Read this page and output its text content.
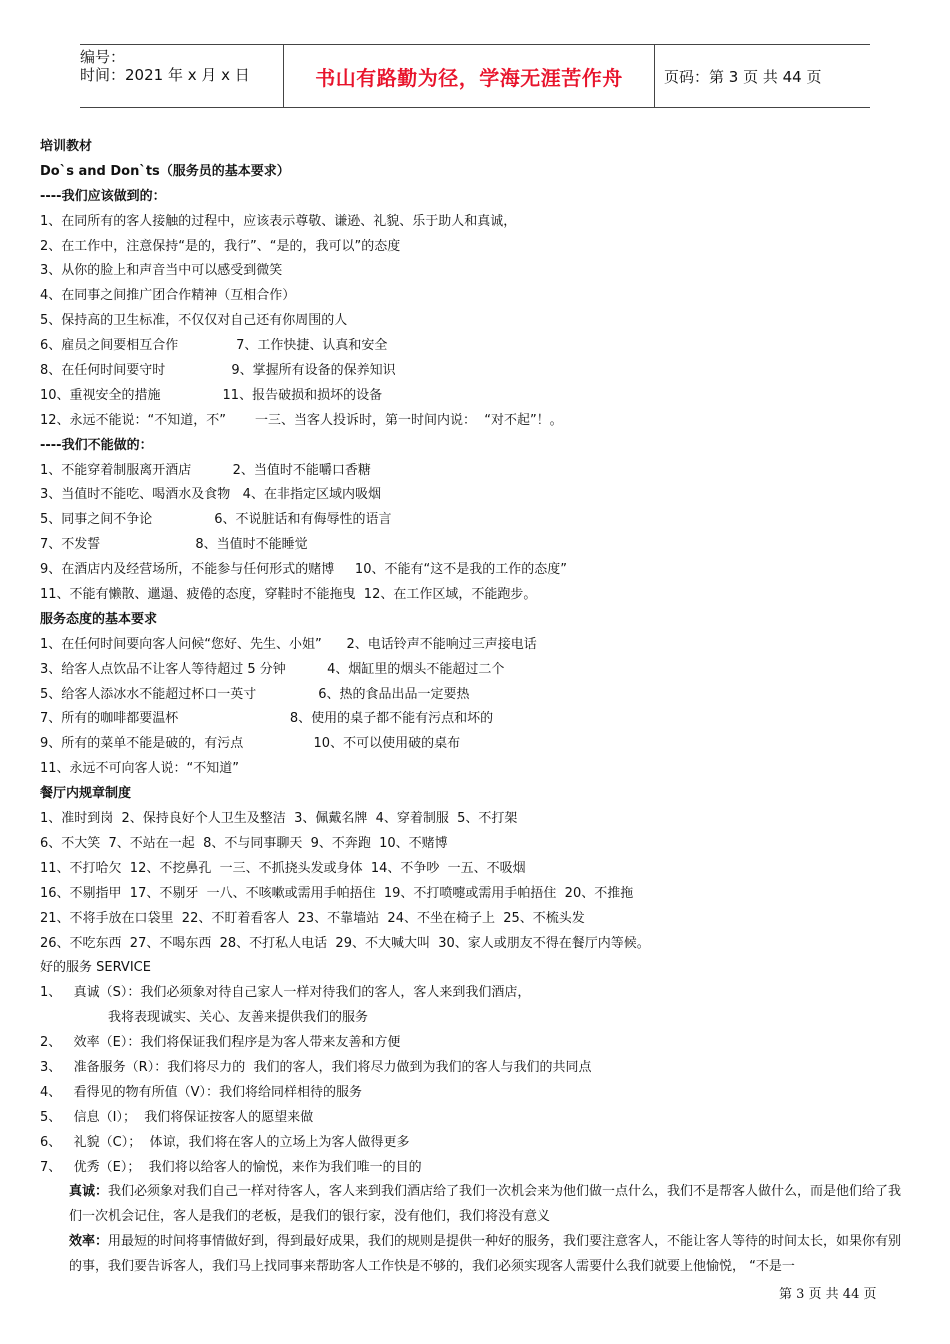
编号：
时间：2021 年 x 月 x 日	书山有路勤为径，学海无涯苦作舟	页码：第 3 页 共 44 页
培训教材
Do`s and Don`ts（服务员的基本要求）
----我们应该做到的：
1、在同所有的客人接触的过程中，应该表示尊敬、谦逊、礼貌、乐于助人和真诚，
2、在工作中，注意保持“是的，我行”、“是的，我可以”的态度
3、从你的脸上和声音当中可以感受到微笑
4、在同事之间推广团合作精神（互相合作）
5、保持高的卫生标准，不仅仅对自己还有你周围的人
6、雇员之间要相互合作              7、工作快捷、认真和安全
8、在任何时间要守时                9、掌握所有设备的保养知识
10、重视安全的措施               11、报告破损和损坏的设备
12、永远不能说：“不知道，不”       一三、当客人投诉时，第一时间内说：  “对不起”！。
----我们不能做的：
1、不能穿着制服离开酒店          2、当值时不能嚼口香糖
3、当值时不能吃、喝酒水及食物   4、在非指定区域内吸烟
5、同事之间不争论               6、不说脏话和有侮辱性的语言
7、不发誓                       8、当值时不能睡觉
9、在酒店内及经营场所，不能参与任何形式的赌博     10、不能有“这不是我的工作的态度”
11、不能有懒散、邋遢、疲倦的态度，穿鞋时不能拖曳  12、在工作区域，不能跑步。
服务态度的基本要求
1、在任何时间要向客人问候“您好、先生、小姐”      2、电话铃声不能响过三声接电话
3、给客人点饮品不让客人等待超过 5 分钟          4、烟缸里的烟头不能超过二个
5、给客人添冰水不能超过杯口一英寸               6、热的食品出品一定要热
7、所有的咖啡都要温杯                           8、使用的桌子都不能有污点和坏的
9、所有的菜单不能是破的，有污点                 10、不可以使用破的桌布
11、永远不可向客人说：“不知道”
餐厅内规章制度
1、准时到岗  2、保持良好个人卫生及整洁  3、佩戴名牌  4、穿着制服  5、不打架
6、不大笑  7、不站在一起  8、不与同事聊天  9、不奔跑  10、不赌博
11、不打哈欠  12、不挖鼻孔  一三、不抓挠头发或身体  14、不争吵  一五、不吸烟
16、不剔指甲  17、不剔牙  一八、不咳嗽或需用手帕捂住  19、不打喷嚏或需用手帕捂住  20、不推拖
21、不将手放在口袋里  22、不盯着看客人  23、不靠墙站  24、不坐在椅子上  25、不梳头发
26、不吃东西  27、不喝东西  28、不打私人电话  29、不大喊大叫  30、家人或朋友不得在餐厅内等候。
好的服务 SERVICE
1、   真诚（S）：我们必须象对待自己家人一样对待我们的客人，客人来到我们酒店，
我将表现诚实、关心、友善来提供我们的服务
2、   效率（E）：我们将保证我们程序是为客人带来友善和方便
3、   准备服务（R）：我们将尽力的  我们的客人，我们将尽力做到为我们的客人与我们的共同点
4、   看得见的物有所值（V）：我们将给同样相待的服务
5、   信息（I）；  我们将保证按客人的愿望来做
6、   礼貌（C）；  体谅，我们将在客人的立场上为客人做得更多
7、   优秀（E）；  我们将以给客人的愉悦，来作为我们唯一的目的
真诚：我们必须象对我们自己一样对待客人，客人来到我们酒店给了我们一次机会来为他们做一点什么，我们不是帮客人做什么，而是他们给了我们一次机会记住，客人是我们的老板，是我们的银行家，没有他们，我们将没有意义
效率：用最短的时间将事情做好到，得到最好成果，我们的规则是提供一种好的服务，我们要注意客人，不能让客人等待的时间太长，如果你有别的事，我们要告诉客人，我们马上找同事来帮助客人工作快是不够的，我们必须实现客人需要什么我们就要上他愉悦， “不是一
第 3 页 共 44 页
